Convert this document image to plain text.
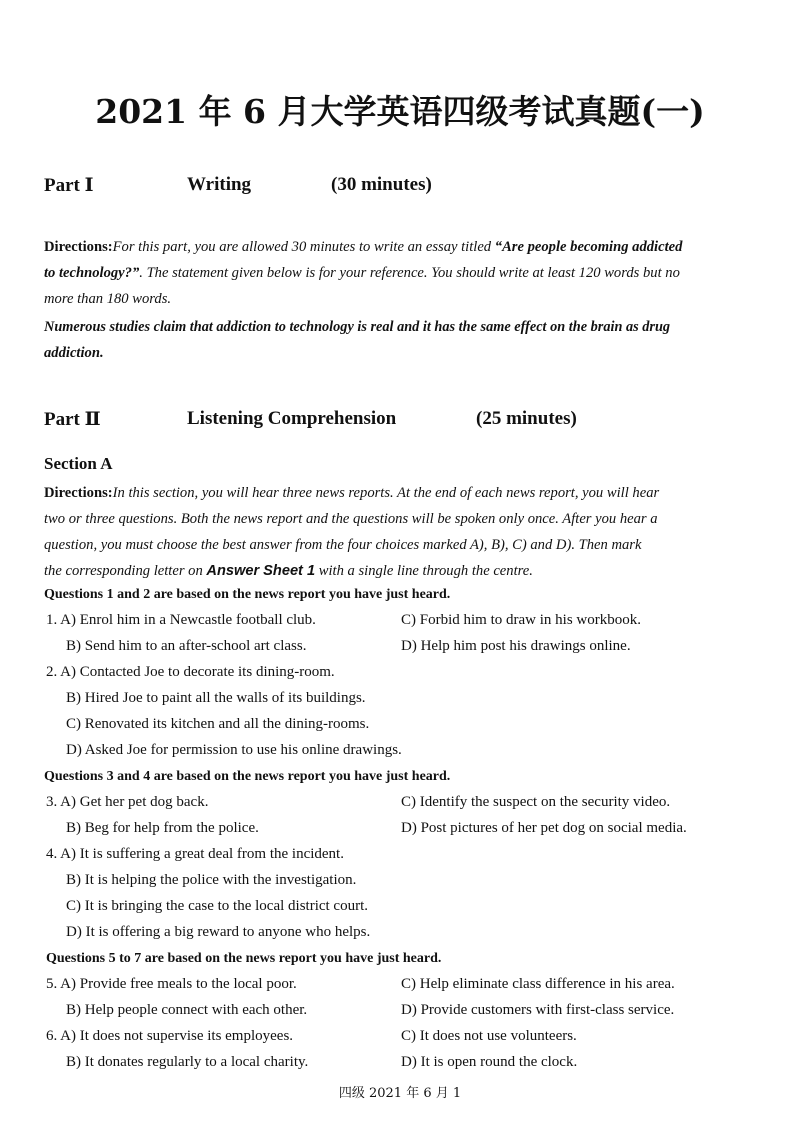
2021 年 6 月大学英语四级考试真题(一)
Part Ⅰ	Writing	(30 minutes)
Directions:For this part, you are allowed 30 minutes to write an essay titled “Are people becoming addicted
to technology?”. The statement given below is for your reference. You should write at least 120 words but no
more than 180 words.
Numerous studies claim that addiction to technology is real and it has the same effect on the brain as drug
addiction.
Part Ⅱ	Listening Comprehension	(25 minutes)
Section A
Directions:In this section, you will hear three news reports. At the end of each news report, you will hear
two or three questions. Both the news report and the questions will be spoken only once. After you hear a
question, you must choose the best answer from the four choices marked A), B), C) and D). Then mark
the corresponding letter on Answer Sheet 1 with a single line through the centre.
Questions 1 and 2 are based on the news report you have just heard.
1. A) Enrol him in a Newcastle football club.	C) Forbid him to draw in his workbook.
B) Send him to an after-school art class.	D) Help him post his drawings online.
2. A) Contacted Joe to decorate its dining-room.
B) Hired Joe to paint all the walls of its buildings.
C) Renovated its kitchen and all the dining-rooms.
D) Asked Joe for permission to use his online drawings.
Questions 3 and 4 are based on the news report you have just heard.
3. A) Get her pet dog back.	C) Identify the suspect on the security video.
B) Beg for help from the police.	D) Post pictures of her pet dog on social media.
4. A) It is suffering a great deal from the incident.
B) It is helping the police with the investigation.
C) It is bringing the case to the local district court.
D) It is offering a big reward to anyone who helps.
Questions 5 to 7 are based on the news report you have just heard.
5. A) Provide free meals to the local poor.	C) Help eliminate class difference in his area.
B) Help people connect with each other.	D) Provide customers with first-class service.
6. A) It does not supervise its employees.	C) It does not use volunteers.
B) It donates regularly to a local charity.	D) It is open round the clock.
四级 2021 年 6 月 1
